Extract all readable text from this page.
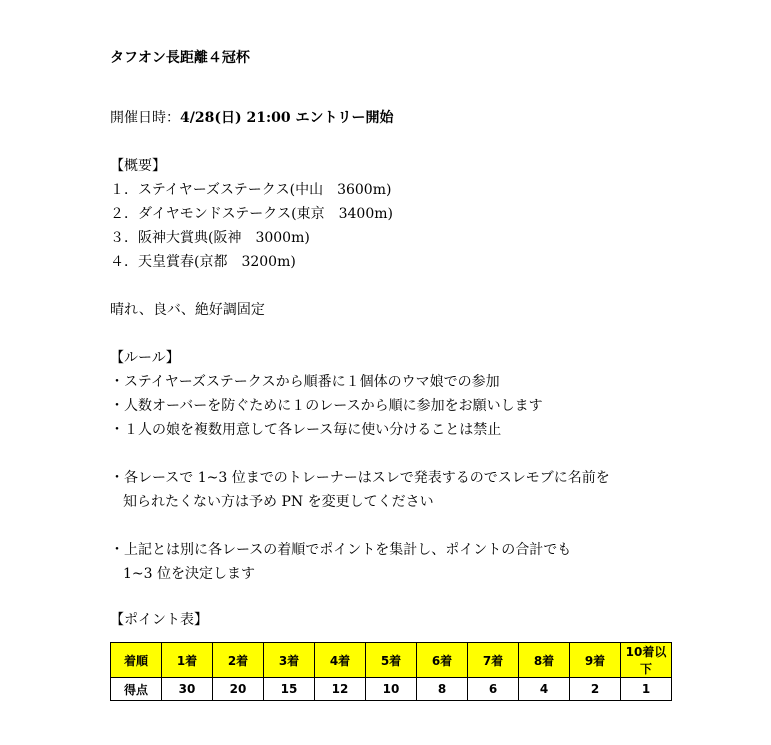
タフオン長距離４冠杯
開催日時：4/28(日) 21:00 エントリー開始
【概要】
１．ステイヤーズステークス(中山　3600m)
２．ダイヤモンドステークス(東京　3400m)
３．阪神大賞典(阪神　3000m)
４．天皇賞春(京都　3200m)
晴れ、良バ、絶好調固定
【ルール】
・ステイヤーズステークスから順番に１個体のウマ娘での参加
・人数オーバーを防ぐために１のレースから順に参加をお願いします
・１人の娘を複数用意して各レース毎に使い分けることは禁止
・各レースで 1~3 位までのトレーナーはスレで発表するのでスレモブに名前を
知られたくない方は予め PN を変更してください
・上記とは別に各レースの着順でポイントを集計し、ポイントの合計でも
1~3 位を決定します
【ポイント表】
着順	1着	2着	3着	4着	5着	6着	7着	8着	9着	10着以下
得点	30	20	15	12	10	8	6	4	2	1
